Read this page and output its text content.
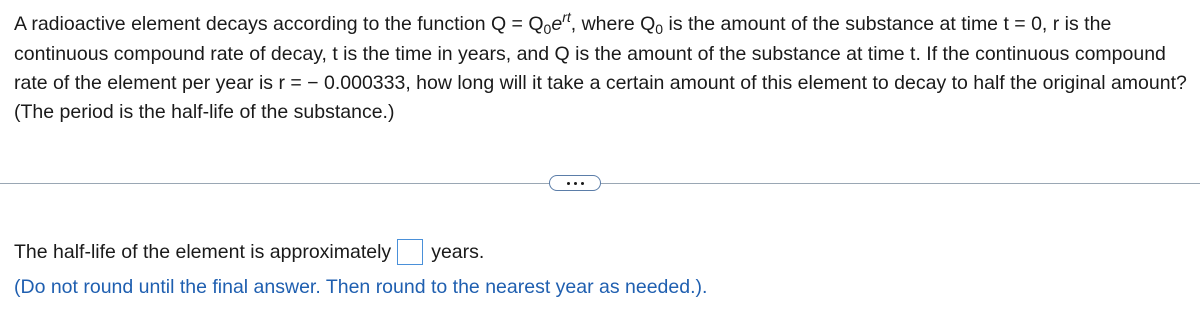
A radioactive element decays according to the function $Q = Q_0e^{rt}$, where $Q_0$ is the amount of the substance at time t = 0, r is the continuous compound rate of decay, t is the time in years, and Q is the amount of the substance at time t. If the continuous compound rate of the element per year is r = − 0.000333, how long will it take a certain amount of this element to decay to half the original amount? (The period is the half-life of the substance.)
The half-life of the element is approximately years.
(Do not round until the final answer. Then round to the nearest year as needed.).
